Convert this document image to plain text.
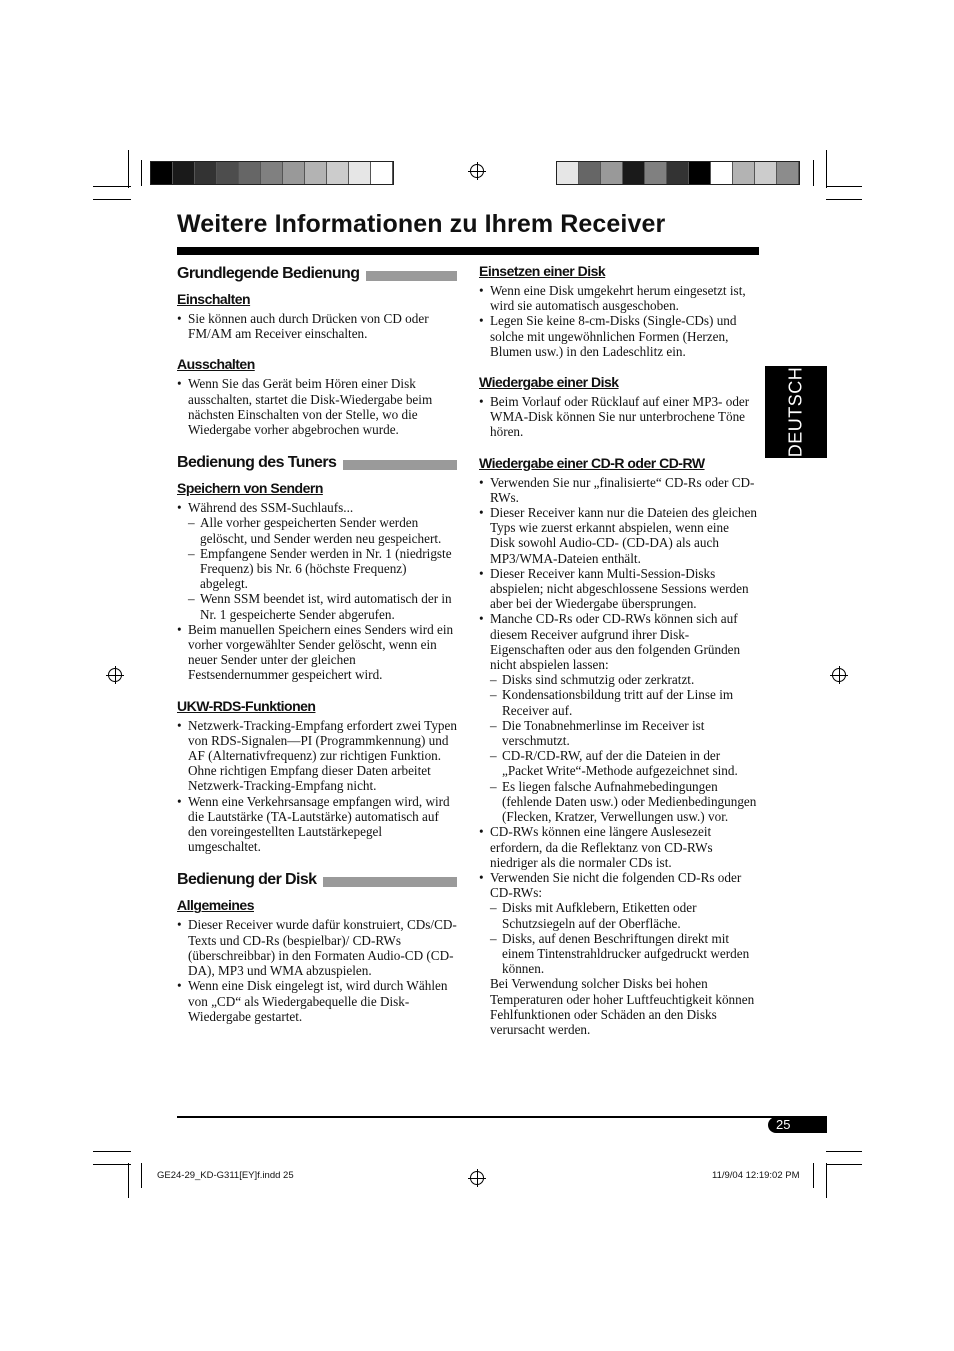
Weitere Informationen zu Ihrem Receiver
DEUTSCH
Grundlegende Bedienung
Einschalten
• Sie können auch durch Drücken von CD oder FM/AM am Receiver einschalten.
Ausschalten
• Wenn Sie das Gerät beim Hören einer Disk ausschalten, startet die Disk-Wiedergabe beim nächsten Einschalten von der Stelle, wo die Wiedergabe vorher abgebrochen wurde.
Bedienung des Tuners
Speichern von Sendern
• Während des SSM-Suchlaufs...
– Alle vorher gespeicherten Sender werden gelöscht, und Sender werden neu gespeichert.
– Empfangene Sender werden in Nr. 1 (niedrigste Frequenz) bis Nr. 6 (höchste Frequenz) abgelegt.
– Wenn SSM beendet ist, wird automatisch der in Nr. 1 gespeicherte Sender abgerufen.
• Beim manuellen Speichern eines Senders wird ein vorher vorgewählter Sender gelöscht, wenn ein neuer Sender unter der gleichen Festsendernummer gespeichert wird.
UKW-RDS-Funktionen
• Netzwerk-Tracking-Empfang erfordert zwei Typen von RDS-Signalen—PI (Programmkennung) und AF (Alternativfrequenz) zur richtigen Funktion. Ohne richtigen Empfang dieser Daten arbeitet Netzwerk-Tracking-Empfang nicht.
• Wenn eine Verkehrsansage empfangen wird, wird die Lautstärke (TA-Lautstärke) automatisch auf den voreingestellten Lautstärkepegel umgeschaltet.
Bedienung der Disk
Allgemeines
• Dieser Receiver wurde dafür konstruiert, CDs/CD-Texts und CD-Rs (bespielbar)/ CD-RWs (überschreibbar) in den Formaten Audio-CD (CD-DA), MP3 und WMA abzuspielen.
• Wenn eine Disk eingelegt ist, wird durch Wählen von „CD“ als Wiedergabequelle die Disk-Wiedergabe gestartet.
Einsetzen einer Disk
• Wenn eine Disk umgekehrt herum eingesetzt ist, wird sie automatisch ausgeschoben.
• Legen Sie keine 8-cm-Disks (Single-CDs) und solche mit ungewöhnlichen Formen (Herzen, Blumen usw.) in den Ladeschlitz ein.
Wiedergabe einer Disk
• Beim Vorlauf oder Rücklauf auf einer MP3- oder WMA-Disk können Sie nur unterbrochene Töne hören.
Wiedergabe einer CD-R oder CD-RW
• Verwenden Sie nur „finalisierte“ CD-Rs oder CD-RWs.
• Dieser Receiver kann nur die Dateien des gleichen Typs wie zuerst erkannt abspielen, wenn eine Disk sowohl Audio-CD- (CD-DA) als auch MP3/WMA-Dateien enthält.
• Dieser Receiver kann Multi-Session-Disks abspielen; nicht abgeschlossene Sessions werden aber bei der Wiedergabe übersprungen.
• Manche CD-Rs oder CD-RWs können sich auf diesem Receiver aufgrund ihrer Disk-Eigenschaften oder aus den folgenden Gründen nicht abspielen lassen:
– Disks sind schmutzig oder zerkratzt.
– Kondensationsbildung tritt auf der Linse im Receiver auf.
– Die Tonabnehmerlinse im Receiver ist verschmutzt.
– CD-R/CD-RW, auf der die Dateien in der „Packet Write“-Methode aufgezeichnet sind.
– Es liegen falsche Aufnahmebedingungen (fehlende Daten usw.) oder Medienbedingungen (Flecken, Kratzer, Verwellungen usw.) vor.
• CD-RWs können eine längere Auslesezeit erfordern, da die Reflektanz von CD-RWs niedriger als die normaler CDs ist.
• Verwenden Sie nicht die folgenden CD-Rs oder CD-RWs:
– Disks mit Aufklebern, Etiketten oder Schutzsiegeln auf der Oberfläche.
– Disks, auf denen Beschriftungen direkt mit einem Tintenstrahldrucker aufgedruckt werden können.

Bei Verwendung solcher Disks bei hohen Temperaturen oder hoher Luftfeuchtigkeit können Fehlfunktionen oder Schäden an den Disks verursacht werden.

25
GE24-29_KD-G311[EY]f.indd 25	11/9/04 12:19:02 PM
